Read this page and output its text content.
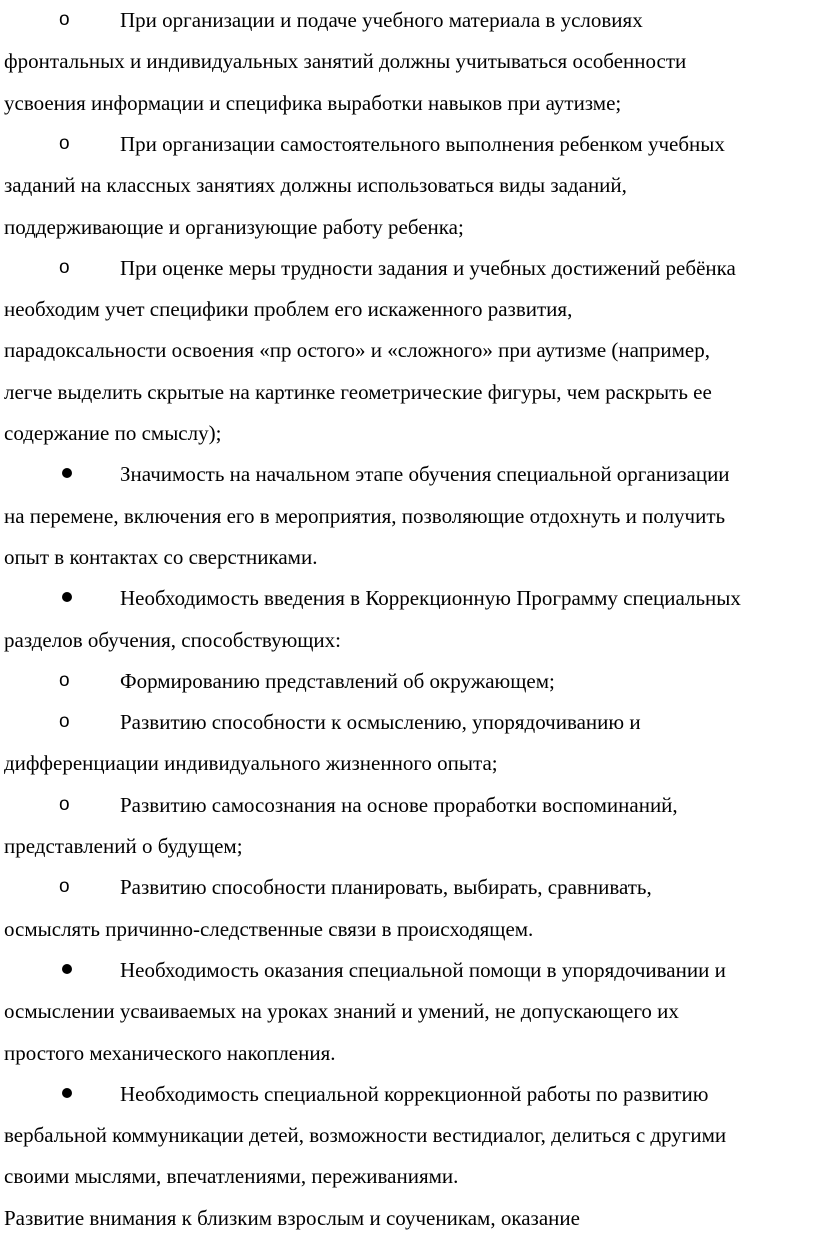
o	При организации и подаче учебного материала в условиях
фронтальных и индивидуальных занятий должны учитываться особенности
усвоения информации и специфика выработки навыков при аутизме;
o	При организации самостоятельного выполнения ребенком учебных
заданий на классных занятиях должны использоваться виды заданий,
поддерживающие и организующие работу ребенка;
o	При оценке меры трудности задания и учебных достижений ребёнка
необходим учет специфики проблем его искаженного развития,
парадоксальности освоения «пр остого» и «сложного» при аутизме (например,
легче выделить скрытые на картинке геометрические фигуры, чем раскрыть ее
содержание по смыслу);
Значимость на начальном этапе обучения специальной организации
на перемене, включения его в мероприятия, позволяющие отдохнуть и получить
опыт в контактах со сверстниками.
Необходимость введения в Коррекционную Программу специальных
разделов обучения, способствующих:
o	Формированию представлений об окружающем;
o	Развитию способности к осмыслению, упорядочиванию и
дифференциации индивидуального жизненного опыта;
o	Развитию самосознания на основе проработки воспоминаний,
представлений о будущем;
o	Развитию способности планировать, выбирать, сравнивать,
осмыслять причинно-следственные связи в происходящем.
Необходимость оказания специальной помощи в упорядочивании и
осмыслении усваиваемых на уроках знаний и умений, не допускающего их
простого механического накопления.
Необходимость специальной коррекционной работы по развитию
вербальной коммуникации детей, возможности вестидиалог, делиться с другими
своими мыслями, впечатлениями, переживаниями.
Развитие внимания к близким взрослым и соученикам, оказание
